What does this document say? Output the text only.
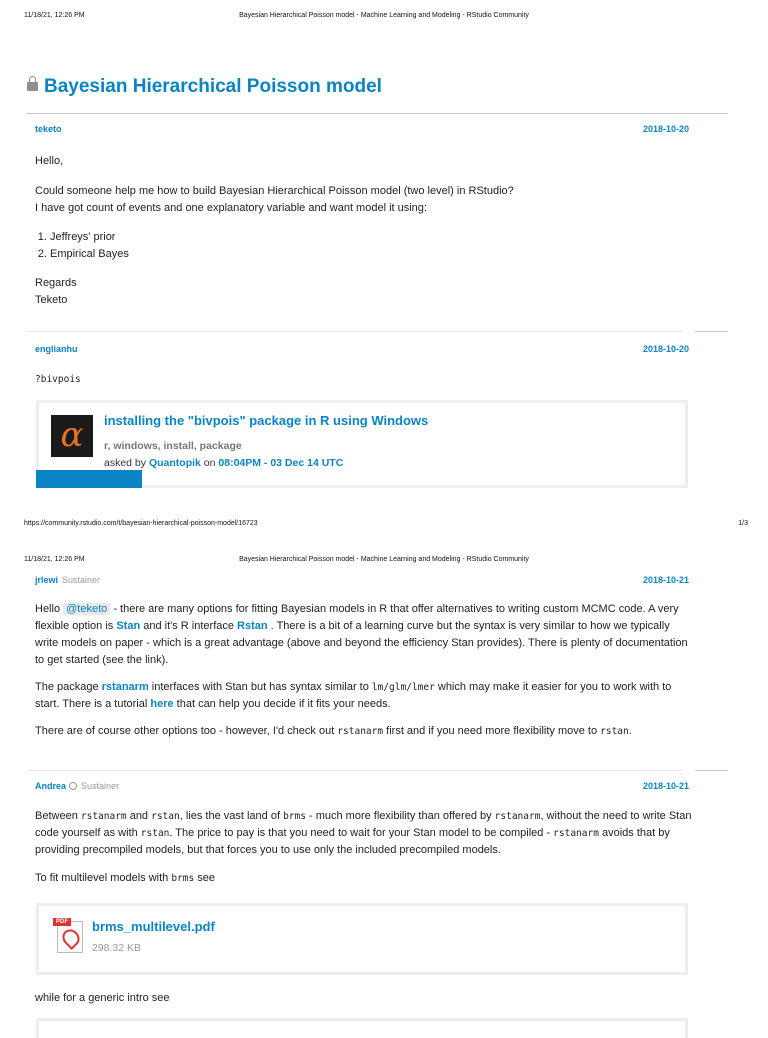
11/18/21, 12:26 PM	Bayesian Hierarchical Poisson model - Machine Learning and Modeling - RStudio Community
Bayesian Hierarchical Poisson model
teketo	2018-10-20

Hello,

Could someone help me how to build Bayesian Hierarchical Poisson model (two level) in RStudio?

I have got count of events and one explanatory variable and want model it using:

1. Jeffreys' prior
2. Empirical Bayes

Regards

Teketo

englianhu	2018-10-20

?bivpois

α	installing the "bivpois" package in R using Windows
r, windows, install, package
asked by Quantopik on 08:04PM - 03 Dec 14 UTC
https://community.rstudio.com/t/bayesian-hierarchical-poisson-model/16723	1/3
11/18/21, 12:26 PM	Bayesian Hierarchical Poisson model - Machine Learning and Modeling - RStudio Community
jrlewi Sustainer	2018-10-21

Hello @teketo - there are many options for fitting Bayesian models in R that offer alternatives to writing custom MCMC code. A very flexible option is Stan and it's R interface Rstan . There is a bit of a learning curve but the syntax is very similar to how we typically write models on paper - which is a great advantage (above and beyond the efficiency Stan provides). There is plenty of documentation to get started (see the link).

The package rstanarm interfaces with Stan but has syntax similar to lm/glm/lmer which may make it easier for you to work with to start. There is a tutorial here that can help you decide if it fits your needs.

There are of course other options too - however, I'd check out rstanarm first and if you need more flexibility move to rstan.

Andrea Sustainer	2018-10-21

Between rstanarm and rstan, lies the vast land of brms - much more flexibility than offered by rstanarm, without the need to write Stan code yourself as with rstan. The price to pay is that you need to wait for your Stan model to be compiled - rstanarm avoids that by providing precompiled models, but that forces you to use only the included precompiled models.

To fit multilevel models with brms see

PDF brms_multilevel.pdf
298.32 KB

while for a generic intro see
